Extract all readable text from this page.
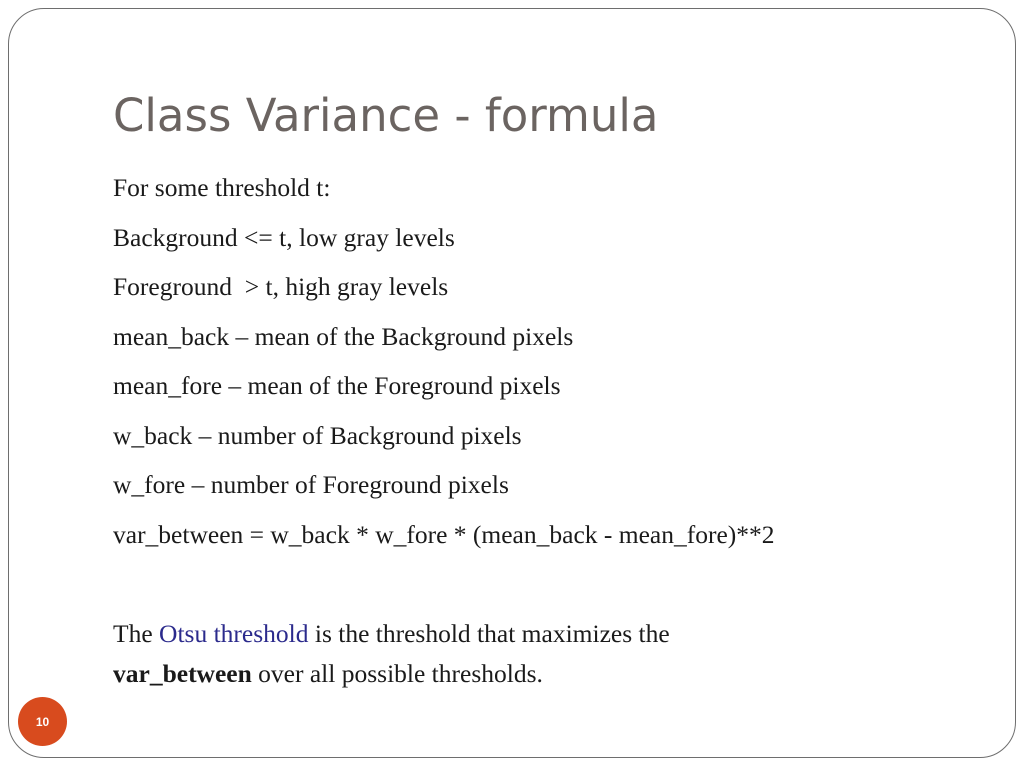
Class Variance - formula
For some threshold t:
Background <= t, low gray levels
Foreground  > t, high gray levels
mean_back – mean of the Background pixels
mean_fore – mean of the Foreground pixels
w_back – number of Background pixels
w_fore – number of Foreground pixels
var_between = w_back * w_fore * (mean_back - mean_fore)**2
The Otsu threshold is the threshold that maximizes the
var_between over all possible thresholds.
10
